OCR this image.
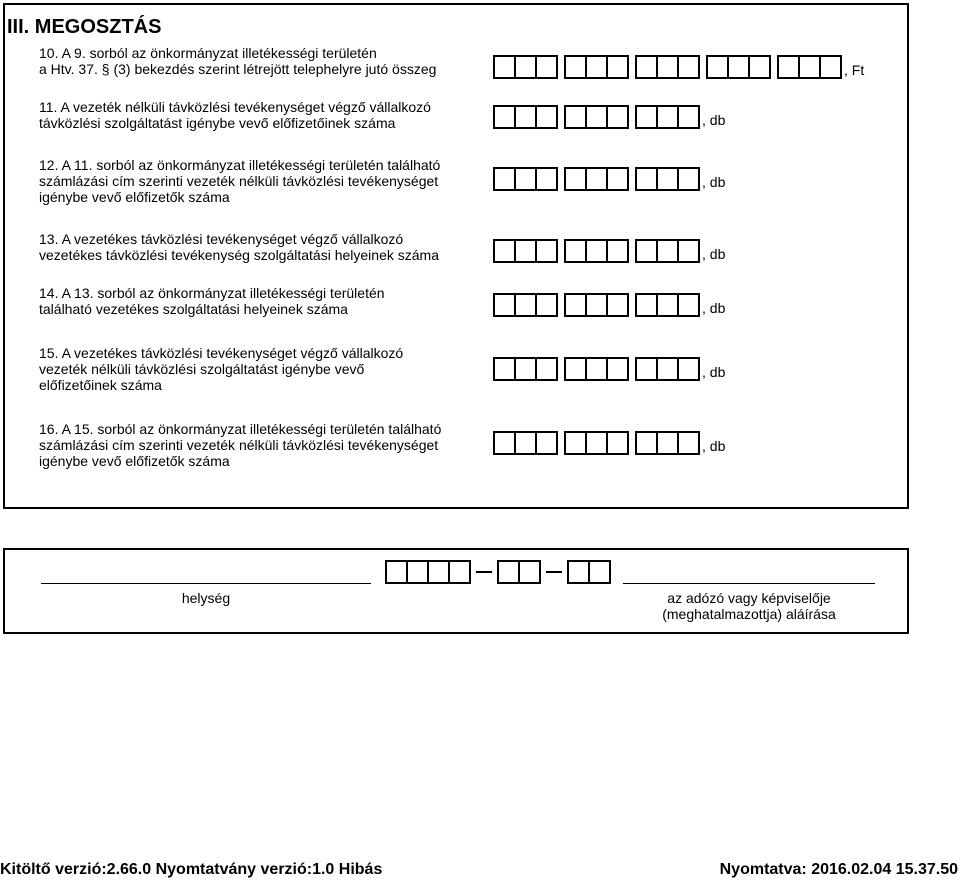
III. MEGOSZTÁS
10. A 9. sorból az önkormányzat illetékességi területén
a Htv. 37. § (3) bekezdés szerint létrejött telephelyre jutó összeg	, Ft
11. A vezeték nélküli távközlési tevékenységet végző vállalkozó
távközlési szolgáltatást igénybe vevő előfizetőinek száma	, db
12. A 11. sorból az önkormányzat illetékességi területén található
számlázási cím szerinti vezeték nélküli távközlési tevékenységet
igénybe vevő előfizetők száma
, db
13. A vezetékes távközlési tevékenységet végző vállalkozó
vezetékes távközlési tevékenység szolgáltatási helyeinek száma	, db
14. A 13. sorból az önkormányzat illetékességi területén
található vezetékes szolgáltatási helyeinek száma	, db
15. A vezetékes távközlési tevékenységet végző vállalkozó
vezeték nélküli távközlési szolgáltatást igénybe vevő
előfizetőinek száma
, db
16. A 15. sorból az önkormányzat illetékességi területén található
számlázási cím szerinti vezeték nélküli távközlési tevékenységet
igénybe vevő előfizetők száma
, db
helység	az adózó vagy képviselője
(meghatalmazottja) aláírása
Kitöltő verzió:2.66.0 Nyomtatvány verzió:1.0 Hibás	Nyomtatva: 2016.02.04 15.37.50
